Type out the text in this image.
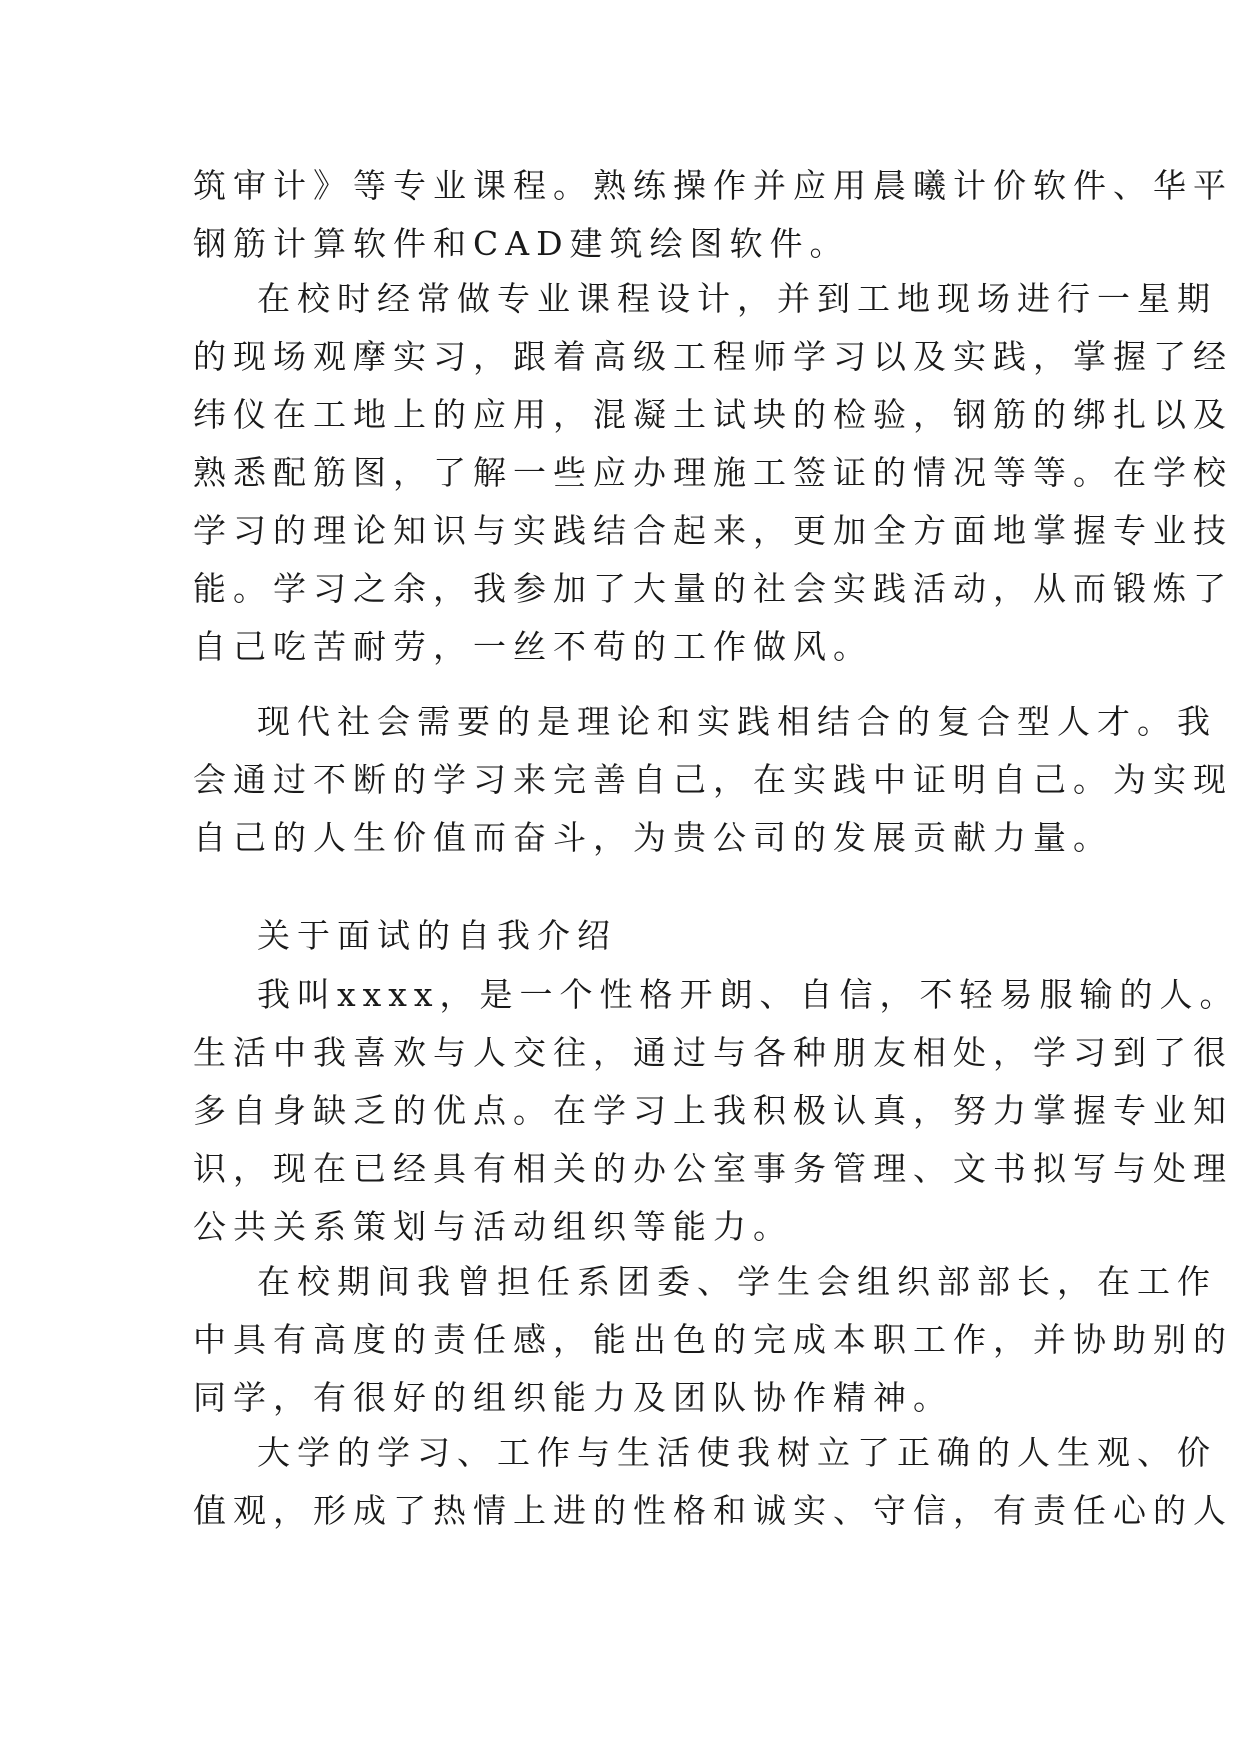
筑审计》等专业课程。熟练操作并应用晨曦计价软件、华平
钢筋计算软件和CAD建筑绘图软件。
在校时经常做专业课程设计，并到工地现场进行一星期
的现场观摩实习，跟着高级工程师学习以及实践，掌握了经
纬仪在工地上的应用，混凝土试块的检验，钢筋的绑扎以及
熟悉配筋图，了解一些应办理施工签证的情况等等。在学校
学习的理论知识与实践结合起来，更加全方面地掌握专业技
能。学习之余，我参加了大量的社会实践活动，从而锻炼了
自己吃苦耐劳，一丝不苟的工作做风。
现代社会需要的是理论和实践相结合的复合型人才。我
会通过不断的学习来完善自己，在实践中证明自己。为实现
自己的人生价值而奋斗，为贵公司的发展贡献力量。
关于面试的自我介绍
我叫xxxx，是一个性格开朗、自信，不轻易服输的人。
生活中我喜欢与人交往，通过与各种朋友相处，学习到了很
多自身缺乏的优点。在学习上我积极认真，努力掌握专业知
识，现在已经具有相关的办公室事务管理、文书拟写与处理
公共关系策划与活动组织等能力。
在校期间我曾担任系团委、学生会组织部部长，在工作
中具有高度的责任感，能出色的完成本职工作，并协助别的
同学，有很好的组织能力及团队协作精神。
大学的学习、工作与生活使我树立了正确的人生观、价
值观，形成了热情上进的性格和诚实、守信，有责任心的人
